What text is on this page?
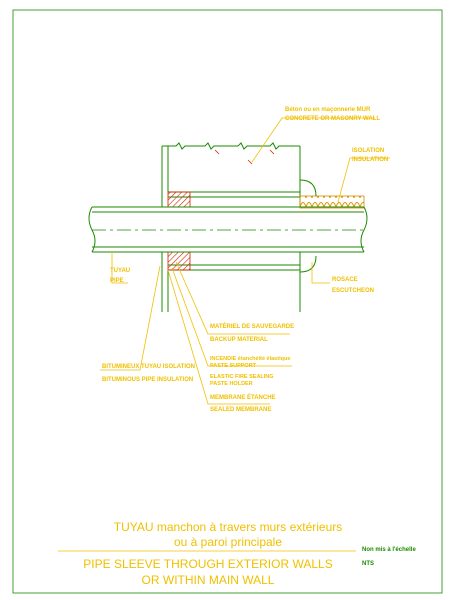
Béton ou en maçonnerie MUR
CONCRETE OR MASONRY WALL
ISOLATION
INSULATION
TUYAU
PIPE	ROSACE
ESCUTCHEON
MATÉRIEL DE SAUVEGARDE
BACKUP MATERIAL
INCENDIE étanchéité élastique
PASTE SUPPORT
ELASTIC FIRE SEALING
PASTE HOLDER
BITUMINEUX TUYAU ISOLATION
BITUMINOUS PIPE INSULATION
MEMBRANE ÉTANCHE
SEALED MEMBRANE
TUYAU manchon à travers murs extérieurs
ou à paroi principale
PIPE SLEEVE THROUGH EXTERIOR WALLS
OR WITHIN MAIN WALL
Non mis à l'échelle
NTS
